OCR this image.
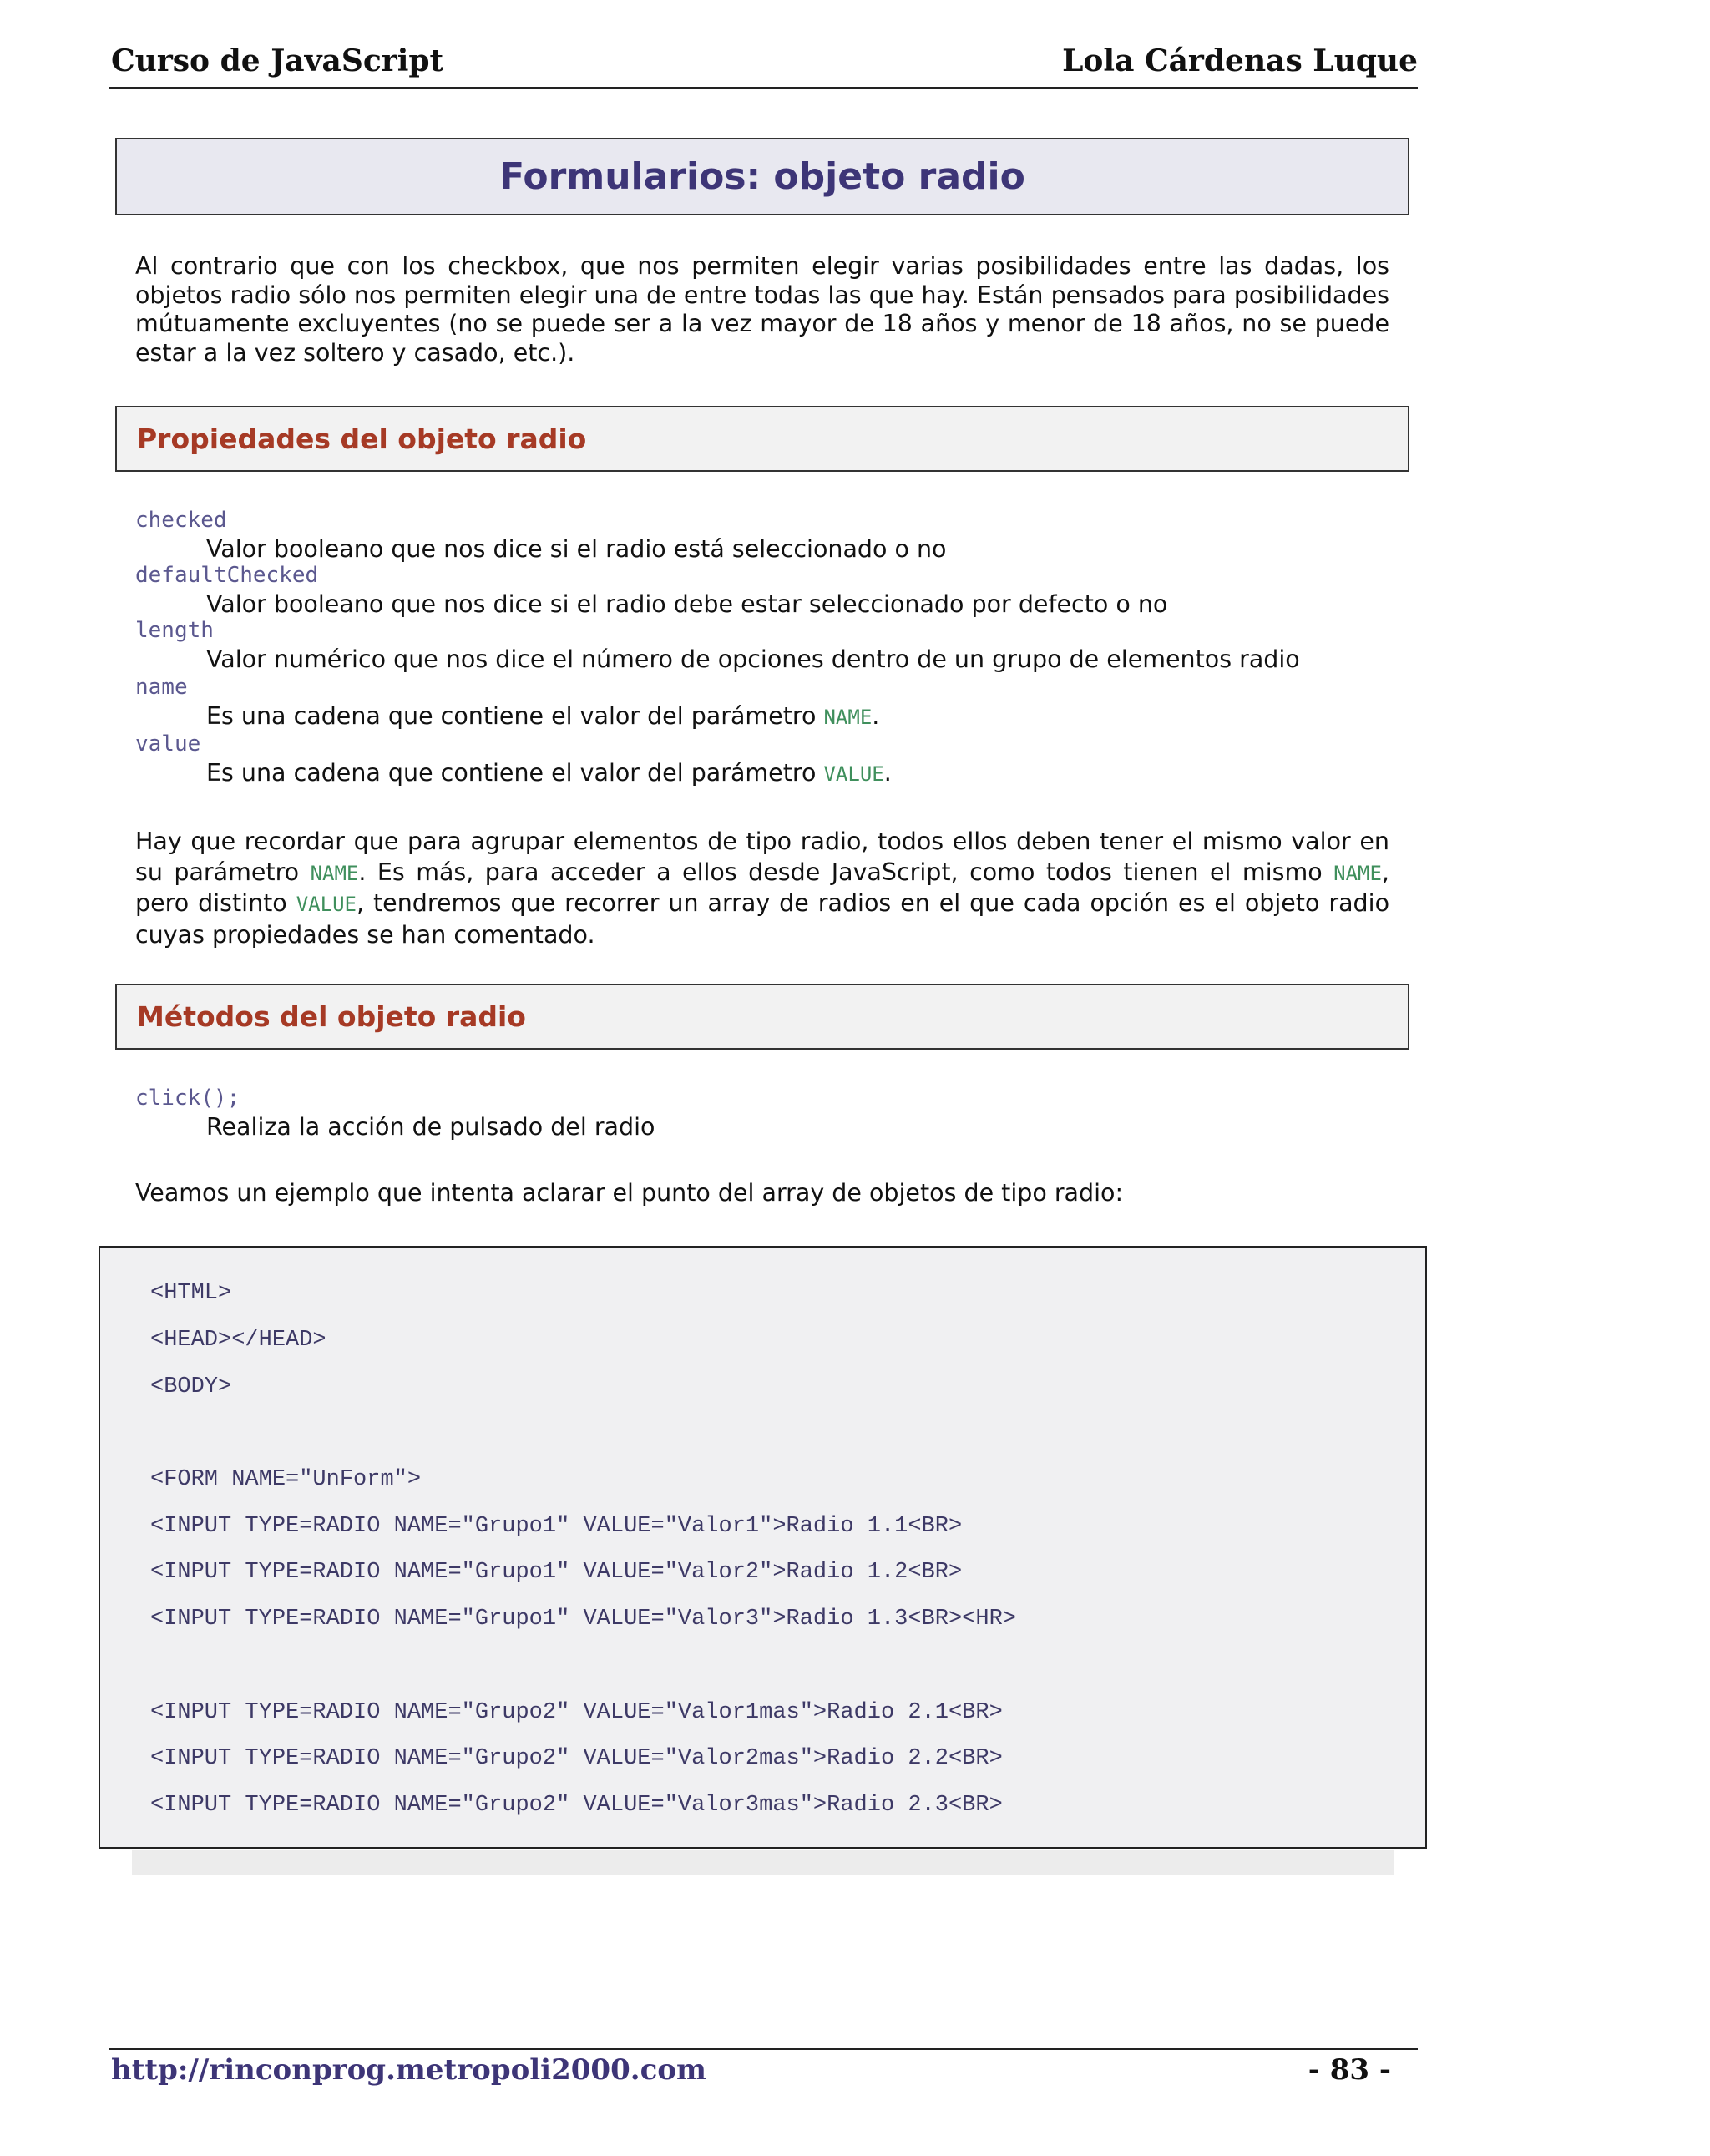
Curso de JavaScript	Lola Cárdenas Luque
Formularios: objeto radio
Al contrario que con los checkbox, que nos permiten elegir varias posibilidades entre las dadas, los objetos radio sólo nos permiten elegir una de entre todas las que hay. Están pensados para posibilidades mútuamente excluyentes (no se puede ser a la vez mayor de 18 años y menor de 18 años, no se puede estar a la vez soltero y casado, etc.).
Propiedades del objeto radio
checked
Valor booleano que nos dice si el radio está seleccionado o no
defaultChecked
Valor booleano que nos dice si el radio debe estar seleccionado por defecto o no
length
Valor numérico que nos dice el número de opciones dentro de un grupo de elementos radio
name
Es una cadena que contiene el valor del parámetro NAME.
value
Es una cadena que contiene el valor del parámetro VALUE.
Hay que recordar que para agrupar elementos de tipo radio, todos ellos deben tener el mismo valor en su parámetro NAME. Es más, para acceder a ellos desde JavaScript, como todos tienen el mismo NAME, pero distinto VALUE, tendremos que recorrer un array de radios en el que cada opción es el objeto radio cuyas propiedades se han comentado.
Métodos del objeto radio
click();
Realiza la acción de pulsado del radio
Veamos un ejemplo que intenta aclarar el punto del array de objetos de tipo radio:
<HTML>
<HEAD></HEAD>
<BODY>
<FORM NAME="UnForm">
<INPUT TYPE=RADIO NAME="Grupo1" VALUE="Valor1">Radio 1.1<BR>
<INPUT TYPE=RADIO NAME="Grupo1" VALUE="Valor2">Radio 1.2<BR>
<INPUT TYPE=RADIO NAME="Grupo1" VALUE="Valor3">Radio 1.3<BR><HR>
<INPUT TYPE=RADIO NAME="Grupo2" VALUE="Valor1mas">Radio 2.1<BR>
<INPUT TYPE=RADIO NAME="Grupo2" VALUE="Valor2mas">Radio 2.2<BR>
<INPUT TYPE=RADIO NAME="Grupo2" VALUE="Valor3mas">Radio 2.3<BR>
http://rinconprog.metropoli2000.com	- 83 -
